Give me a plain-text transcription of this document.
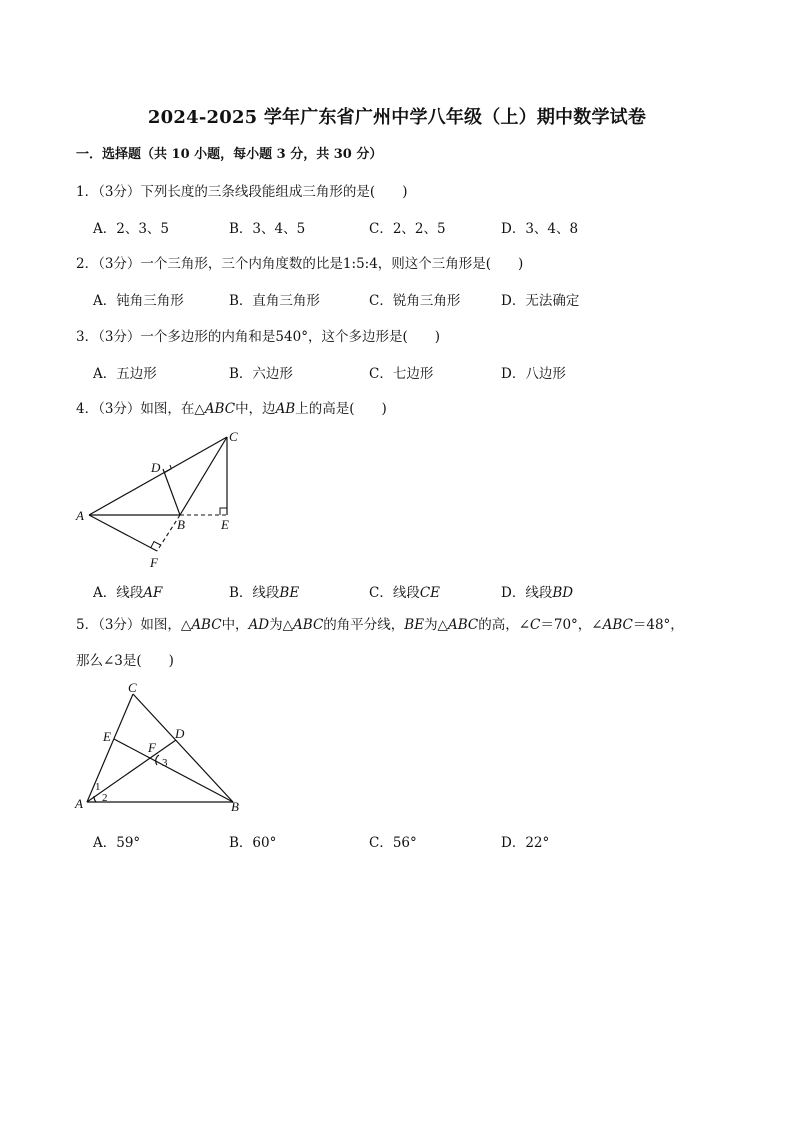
2024-2025 学年广东省广州中学八年级（上）期中数学试卷
一．选择题（共 10 小题，每小题 3 分，共 30 分）
1．（3分）下列长度的三条线段能组成三角形的是(　　)
A．2、3、5	B．3、4、5	C．2、2、5	D．3、4、8
2．（3分）一个三角形，三个内角度数的比是1:5:4，则这个三角形是(　　)
A．钝角三角形	B．直角三角形	C．锐角三角形	D．无法确定
3．（3分）一个多边形的内角和是540°，这个多边形是(　　)
A．五边形	B．六边形	C．七边形	D．八边形
4．（3分）如图，在△ABC中，边AB上的高是(　　)
A
B
C
D
E
F
A．线段AF	B．线段BE	C．线段CE	D．线段BD
5．（3分）如图，△ABC中，AD为△ABC的角平分线，BE为△ABC的高，∠C＝70°，∠ABC＝48°，
那么∠3是(　　)
A	B
C
D
E
F
1
2
3
A．59°	B．60°	C．56°	D．22°
